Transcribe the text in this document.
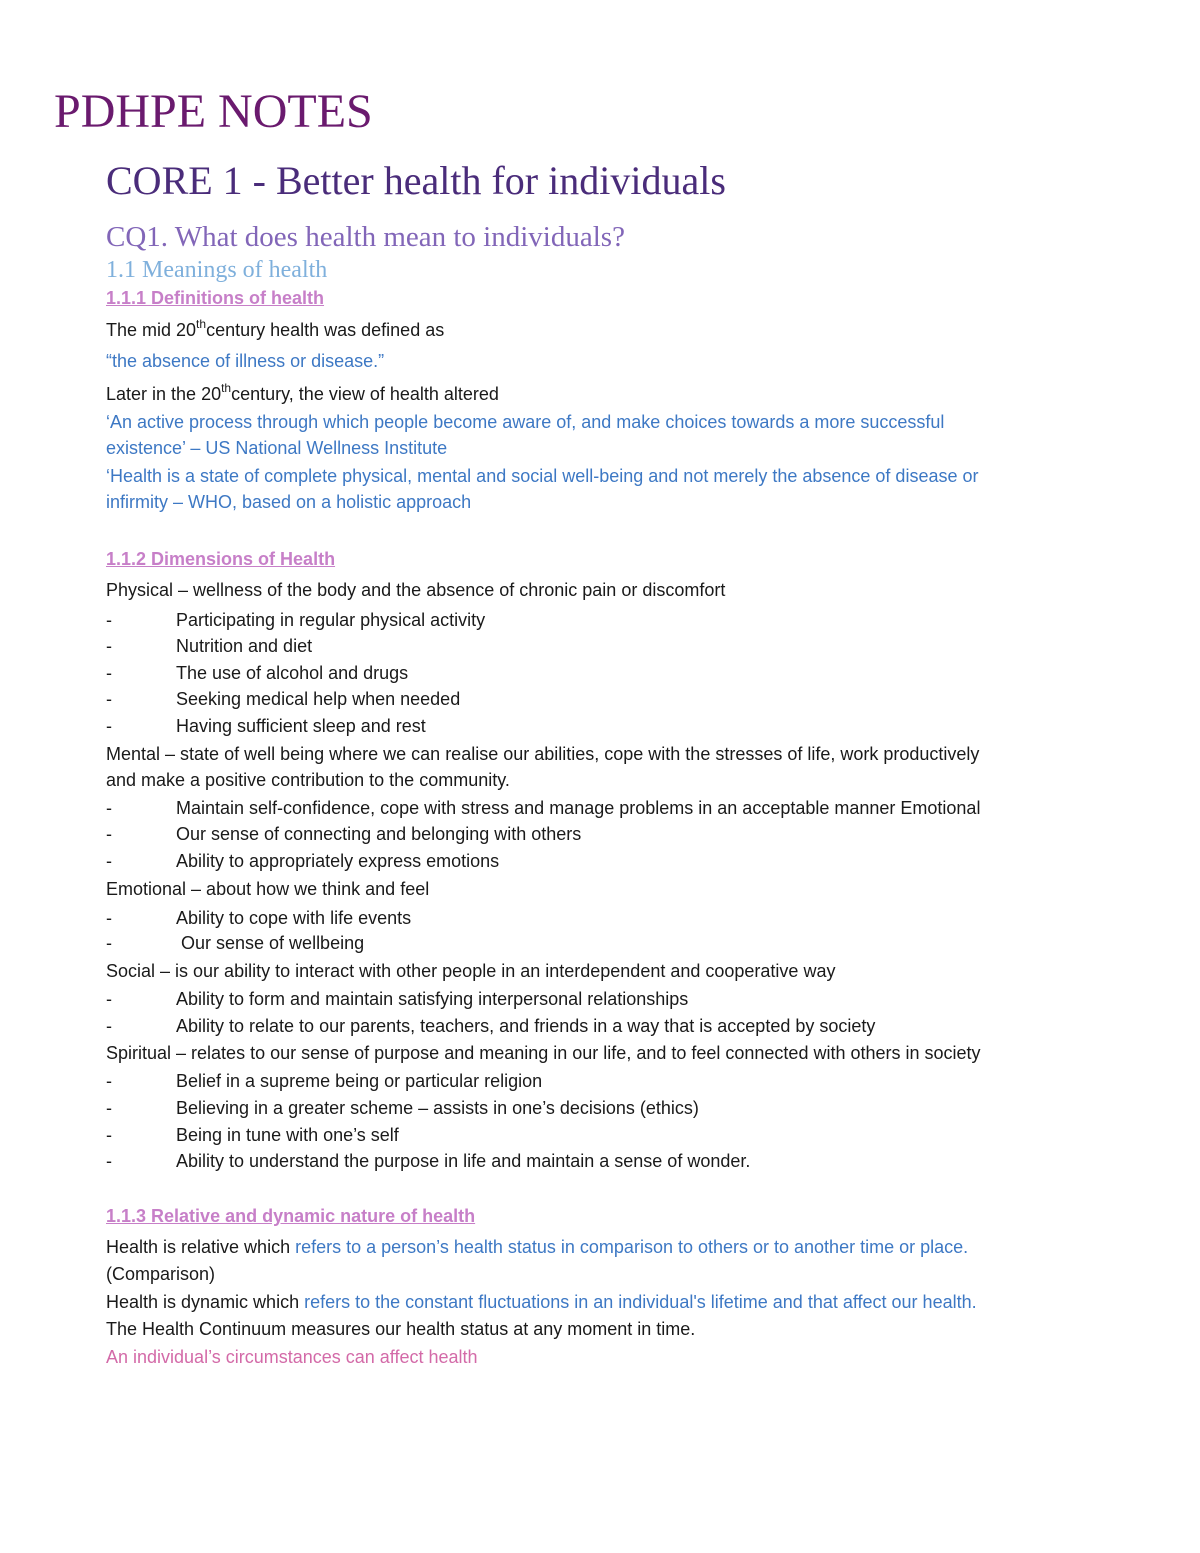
PDHPE NOTES
CORE 1 - Better health for individuals
CQ1. What does health mean to individuals?
1.1 Meanings of health
1.1.1 Definitions of health
The mid 20thcentury health was defined as
“the absence of illness or disease.”
Later in the 20thcentury, the view of health altered
‘An active process through which people become aware of, and make choices towards a more successful
existence’ – US National Wellness Institute
‘Health is a state of complete physical, mental and social well-being and not merely the absence of disease or
infirmity – WHO, based on a holistic approach
1.1.2 Dimensions of Health
Physical – wellness of the body and the absence of chronic pain or discomfort
-	Participating in regular physical activity
-	Nutrition and diet
-	The use of alcohol and drugs
-	Seeking medical help when needed
-	Having sufficient sleep and rest
Mental – state of well being where we can realise our abilities, cope with the stresses of life, work productively
and make a positive contribution to the community.
-	Maintain self-confidence, cope with stress and manage problems in an acceptable manner Emotional
-	Our sense of connecting and belonging with others
-	Ability to appropriately express emotions
Emotional – about how we think and feel
-	Ability to cope with life events
-	Our sense of wellbeing
Social – is our ability to interact with other people in an interdependent and cooperative way
-	Ability to form and maintain satisfying interpersonal relationships
-	Ability to relate to our parents, teachers, and friends in a way that is accepted by society
Spiritual – relates to our sense of purpose and meaning in our life, and to feel connected with others in society
-	Belief in a supreme being or particular religion
-	Believing in a greater scheme – assists in one’s decisions (ethics)
-	Being in tune with one’s self
-	Ability to understand the purpose in life and maintain a sense of wonder.
1.1.3 Relative and dynamic nature of health
Health is relative which refers to a person’s health status in comparison to others or to another time or place.
(Comparison)
Health is dynamic which refers to the constant fluctuations in an individual's lifetime and that affect our health.
The Health Continuum measures our health status at any moment in time.
An individual’s circumstances can affect health
